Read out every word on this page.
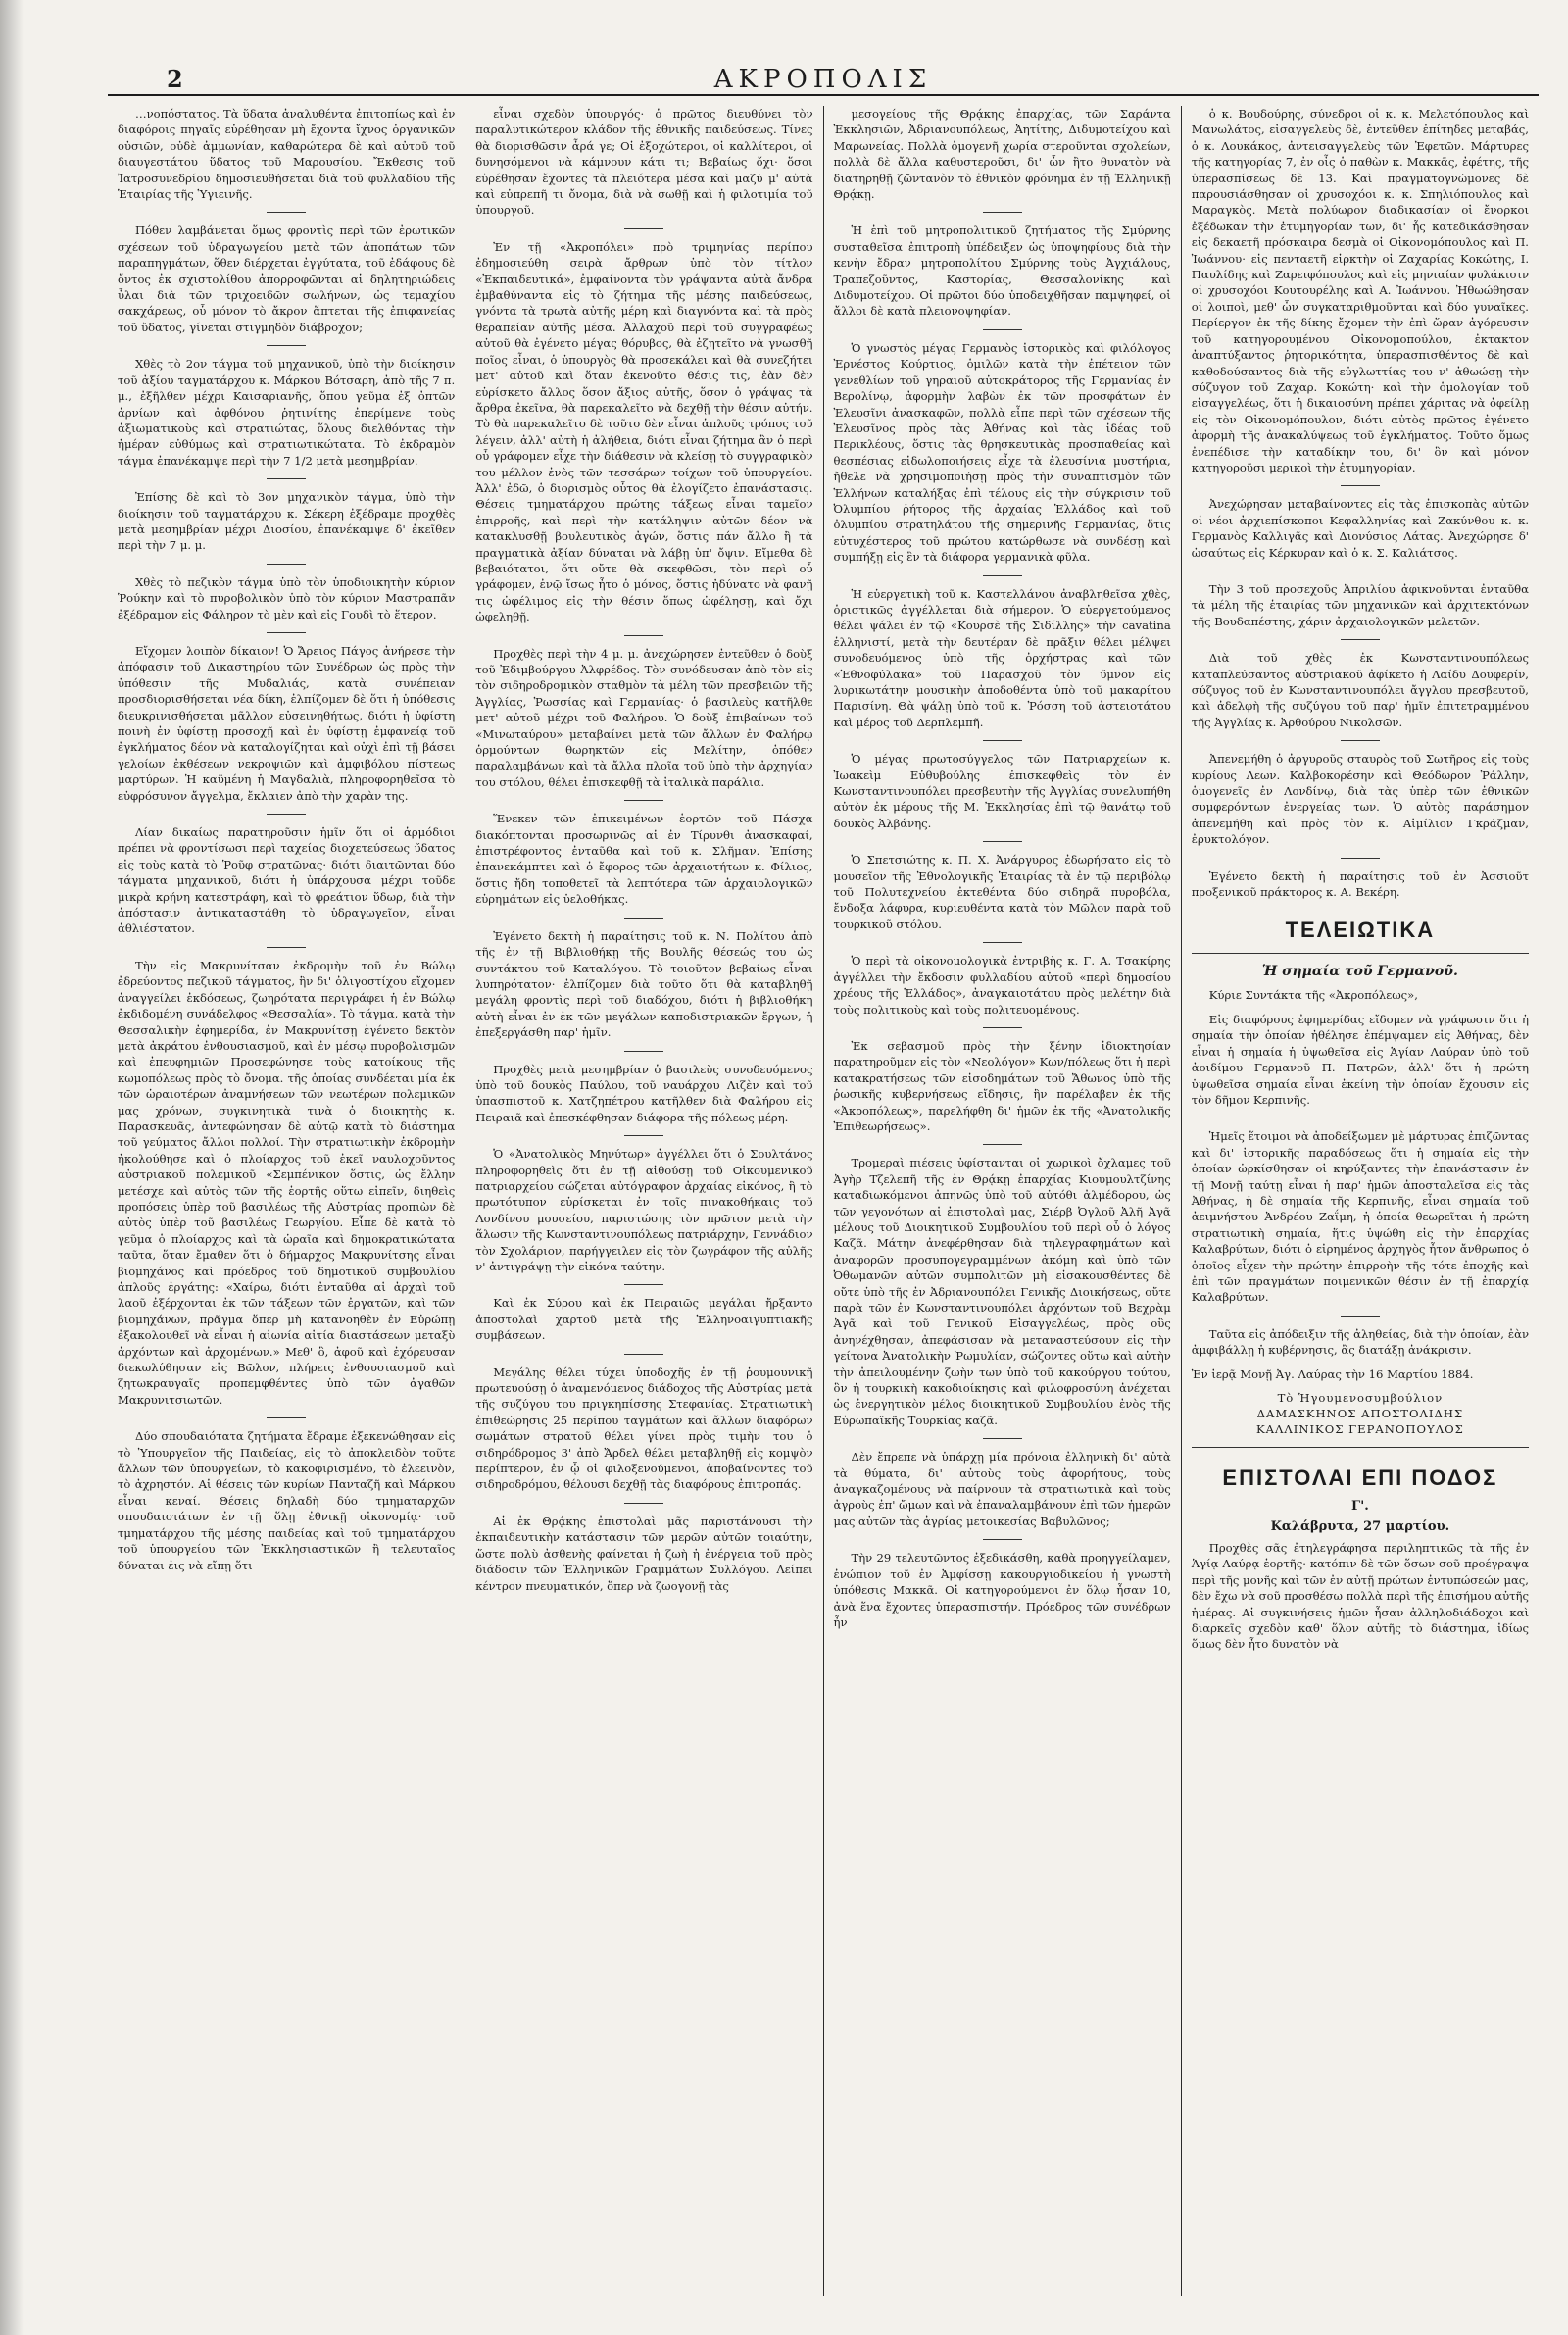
2	ΑΚΡΟΠΟΛΙΣ

…νοπόστατος. Τὰ ὕδατα ἀναλυθέντα ἐπιτοπίως καὶ ἐν διαφόροις πηγαῖς εὑρέθησαν μὴ ἔχοντα ἴχνος ὀργανικῶν οὐσιῶν, οὐδὲ ἀμμωνίαν, καθαρώτερα δὲ καὶ αὐτοῦ τοῦ διαυγεστάτου ὕδατος τοῦ Μαρουσίου. Ἔκθεσις τοῦ Ἰατροσυνεδρίου δημοσιευθήσεται διὰ τοῦ φυλλαδίου τῆς Ἑταιρίας τῆς Ὑγιεινῆς.

Πόθεν λαμβάνεται ὅμως φροντὶς περὶ τῶν ἐρωτικῶν σχέσεων τοῦ ὑδραγωγείου μετὰ τῶν ἀποπάτων τῶν παραπηγμάτων, ὅθεν διέρχεται ἐγγύτατα, τοῦ ἐδάφους δὲ ὄντος ἐκ σχιστολίθου ἀπορροφῶνται αἱ δηλητηριώδεις ὗλαι διὰ τῶν τριχοειδῶν σωλήνων, ὡς τεμαχίου σακχάρεως, οὗ μόνον τὸ ἄκρον ἅπτεται τῆς ἐπιφανείας τοῦ ὕδατος, γίνεται στιγμηδὸν διάβροχον;

Χθὲς τὸ 2ον τάγμα τοῦ μηχανικοῦ, ὑπὸ τὴν διοίκησιν τοῦ ἀξίου ταγματάρχου κ. Μάρκου Βότσαρη, ἀπὸ τῆς 7 π. μ., ἐξῆλθεν μέχρι Καισαριανῆς, ὅπου γεῦμα ἐξ ὀπτῶν ἀρνίων καὶ ἀφθόνου ῥητινίτης ἐπερίμενε τοὺς ἀξιωματικοὺς καὶ στρατιώτας, ὅλους διελθόντας τὴν ἡμέραν εὐθύμως καὶ στρατιωτικώτατα. Τὸ ἐκδραμὸν τάγμα ἐπανέκαμψε περὶ τὴν 7 1/2 μετὰ μεσημβρίαν.

Ἐπίσης δὲ καὶ τὸ 3ον μηχανικὸν τάγμα, ὑπὸ τὴν διοίκησιν τοῦ ταγματάρχου κ. Σέκερη ἐξέδραμε προχθὲς μετὰ μεσημβρίαν μέχρι Διοσίου, ἐπανέκαμψε δ' ἐκεῖθεν περὶ τὴν 7 μ. μ.

Χθὲς τὸ πεζικὸν τάγμα ὑπὸ τὸν ὑποδιοικητὴν κύριον Ῥούκην καὶ τὸ πυροβολικὸν ὑπὸ τὸν κύριον Μαστραπᾶν ἐξέδραμον εἰς Φάληρον τὸ μὲν καὶ εἰς Γουδὶ τὸ ἕτερον.

Εἴχομεν λοιπὸν δίκαιον! Ὁ Ἄρειος Πάγος ἀνήρεσε τὴν ἀπόφασιν τοῦ Δικαστηρίου τῶν Συνέδρων ὡς πρὸς τὴν ὑπόθεσιν τῆς Μυδαλιάς, κατὰ συνέπειαν προσδιορισθήσεται νέα δίκη, ἐλπίζομεν δὲ ὅτι ἡ ὑπόθεσις διευκρινισθήσεται μᾶλλον εὐσεινηθήτως, διότι ἡ ὑφίστη ποινὴ ἐν ὑφίστῃ προσοχῇ καὶ ἐν ὑφίστῃ ἐμφανείᾳ τοῦ ἐγκλήματος δέον νὰ καταλογίζηται καὶ οὐχὶ ἐπὶ τῇ βάσει γελοίων ἐκθέσεων νεκροψιῶν καὶ ἀμφιβόλου πίστεως μαρτύρων. Ἡ καϋμένη ἡ Μαγδαλιὰ, πληροφορηθεῖσα τὸ εὐφρόσυνον ἄγγελμα, ἔκλαιεν ἀπὸ τὴν χαρὰν της.

Λίαν δικαίως παρατηροῦσιν ἡμῖν ὅτι οἱ ἁρμόδιοι πρέπει νὰ φροντίσωσι περὶ ταχείας διοχετεύσεως ὕδατος εἰς τοὺς κατὰ τὸ Ῥοῦφ στρατῶνας· διότι διαιτῶνται δύο τάγματα μηχανικοῦ, διότι ἡ ὑπάρχουσα μέχρι τοῦδε μικρὰ κρήνη κατεστράφη, καὶ τὸ φρεάτιον ὕδωρ, διὰ τὴν ἀπόστασιν ἀντικαταστάθη τὸ ὑδραγωγεῖον, εἶναι ἀθλιέστατον.

Τὴν εἰς Μακρυνίτσαν ἐκδρομὴν τοῦ ἐν Βώλῳ ἐδρεύοντος πεζικοῦ τάγματος, ἣν δι' ὀλιγοστίχου εἴχομεν ἀναγγείλει ἐκδόσεως, ζωηρότατα περιγράφει ἡ ἐν Βώλῳ ἐκδιδομένη συνάδελφος «Θεσσαλία». Τὸ τάγμα, κατὰ τὴν Θεσσαλικὴν ἐφημερίδα, ἐν Μακρυνίτσῃ ἐγένετο δεκτὸν μετὰ ἀκράτου ἐνθουσιασμοῦ, καὶ ἐν μέσῳ πυροβολισμῶν καὶ ἐπευφημιῶν Προσεφώνησε τοὺς κατοίκους τῆς κωμοπόλεως πρὸς τὸ ὄνομα. τῆς ὁποίας συνδέεται μία ἐκ τῶν ὡραιοτέρων ἀναμνήσεων τῶν νεωτέρων πολεμικῶν μας χρόνων, συγκινητικὰ τινὰ ὁ διοικητὴς κ. Παρασκευᾶς, ἀντεφώνησαν δὲ αὐτῷ κατὰ τὸ διάστημα τοῦ γεύματος ἄλλοι πολλοί. Τὴν στρατιωτικὴν ἐκδρομὴν ἠκολούθησε καὶ ὁ πλοίαρχος τοῦ ἐκεῖ ναυλοχοῦντος αὐστριακοῦ πολεμικοῦ «Σεμπένικον ὅστις, ὡς ἔλλην μετέσχε καὶ αὐτὸς τῶν τῆς ἑορτῆς οὕτω εἰπεῖν, διηθεὶς προπόσεις ὑπὲρ τοῦ βασιλέως τῆς Αὐστρίας προπιὼν δὲ αὐτὸς ὑπὲρ τοῦ βασιλέως Γεωργίου. Εἶπε δὲ κατὰ τὸ γεῦμα ὁ πλοίαρχος καὶ τὰ ὡραῖα καὶ δημοκρατικώτατα ταῦτα, ὅταν ἔμαθεν ὅτι ὁ δήμαρχος Μακρυνίτσης εἶναι βιομηχάνος καὶ πρόεδρος τοῦ δημοτικοῦ συμβουλίου ἁπλοῦς ἐργάτης: «Χαίρω, διότι ἐνταῦθα αἱ ἀρχαὶ τοῦ λαοῦ ἐξέρχονται ἐκ τῶν τάξεων τῶν ἐργατῶν, καὶ τῶν βιομηχάνων, πρᾶγμα ὅπερ μὴ κατανοηθὲν ἐν Εὐρώπῃ ἐξακολουθεῖ νὰ εἶναι ἡ αἰωνία αἰτία διαστάσεων μεταξὺ ἀρχόντων καὶ ἀρχομένων.» Μεθ' ὃ, ἀφοῦ καὶ ἐχόρευσαν διεκωλύθησαν εἰς Βῶλον, πλήρεις ἐνθουσιασμοῦ καὶ ζητωκραυγαῖς προπεμφθέντες ὑπὸ τῶν ἀγαθῶν Μακρυνιτσιωτῶν.

Δύο σπουδαιότατα ζητήματα ἔδραμε ἐξεκενώθησαν εἰς τὸ Ὑπουργεῖον τῆς Παιδείας, εἰς τὸ ἀποκλειδὸν τοῦτε ἄλλων τῶν ὑπουργείων, τὸ κακοφιρισμένο, τὸ ἐλεεινὸν, τὸ ἀχρηστόν. Αἱ θέσεις τῶν κυρίων Πανταζῆ καὶ Μάρκου εἶναι κεναί. Θέσεις δηλαδὴ δύο τμηματαρχῶν σπουδαιοτάτων ἐν τῇ ὅλῃ ἐθνικῇ οἰκονομίᾳ· τοῦ τμηματάρχου τῆς μέσης παιδείας καὶ τοῦ τμηματάρχου τοῦ ὑπουργείου τῶν Ἐκκλησιαστικῶν ἢ τελευταῖος δύναται ἐις νὰ εἴπῃ ὅτι

εἶναι σχεδὸν ὑπουργός· ὁ πρῶτος διευθύνει τὸν παραλυτικώτερον κλάδον τῆς ἐθνικῆς παιδεύσεως. Τίνες θὰ διορισθῶσιν ἆρά γε; Οἱ ἐξοχώτεροι, οἱ καλλίτεροι, οἱ δυνησόμενοι νὰ κάμνουν κάτι τι; Βεβαίως ὄχι· ὅσοι εὐρέθησαν ἔχοντες τὰ πλειότερα μέσα καὶ μαζὺ μ' αὐτὰ καὶ εὐπρεπῆ τι ὄνομα, διὰ νὰ σωθῇ καὶ ἡ φιλοτιμία τοῦ ὑπουργοῦ.

Ἐν τῇ «Ἀκροπόλει» πρὸ τριμηνίας περίπου ἐδημοσιεύθη σειρὰ ἄρθρων ὑπὸ τὸν τίτλον «Ἐκπαιδευτικά», ἐμφαίνοντα τὸν γράψαντα αὐτὰ ἄνδρα ἐμβαθύναντα εἰς τὸ ζήτημα τῆς μέσης παιδεύσεως, γνόντα τὰ τρωτὰ αὐτῆς μέρη καὶ διαγνόντα καὶ τὰ πρὸς θεραπείαν αὐτῆς μέσα. Ἀλλαχοῦ περὶ τοῦ συγγραφέως αὐτοῦ θὰ ἐγένετο μέγας θόρυβος, θὰ ἐζητεῖτο νὰ γνωσθῇ ποῖος εἶναι, ὁ ὑπουργὸς θὰ προσεκάλει καὶ θὰ συνεζήτει μετ' αὐτοῦ καὶ ὅταν ἐκενοῦτο θέσις τις, ἐὰν δὲν εὑρίσκετο ἄλλος ὅσον ἄξιος αὐτῆς, ὅσον ὁ γράψας τὰ ἄρθρα ἐκεῖνα, θὰ παρεκαλεῖτο νὰ δεχθῇ τὴν θέσιν αὐτήν. Τὸ θὰ παρεκαλεῖτο δὲ τοῦτο δὲν εἶναι ἁπλοῦς τρόπος τοῦ λέγειν, ἀλλ' αὐτὴ ἡ ἀλήθεια, διότι εἶναι ζήτημα ἂν ὁ περὶ οὗ γράφομεν εἶχε τὴν διάθεσιν νὰ κλείσῃ τὸ συγγραφικὸν του μέλλον ἐνὸς τῶν τεσσάρων τοίχων τοῦ ὑπουργείου. Ἀλλ' ἐδῶ, ὁ διορισμὸς οὗτος θὰ ἐλογίζετο ἐπανάστασις. Θέσεις τμηματάρχου πρώτης τάξεως εἶναι ταμεῖον ἐπιρροῆς, καὶ περὶ τὴν κατάληψιν αὐτῶν δέον νὰ κατακλυσθῇ βουλευτικὸς ἀγών, ὅστις πάν ἄλλο ἢ τὰ πραγματικὰ ἀξίαν δύναται νὰ λάβῃ ὑπ' ὄψιν. Εἴμεθα δὲ βεβαιότατοι, ὅτι οὔτε θὰ σκεφθῶσι, τὸν περὶ οὗ γράφομεν, ἐνῷ ἴσως ἦτο ὁ μόνος, ὅστις ἠδύνατο νὰ φανῇ τις ὠφέλιμος εἰς τὴν θέσιν ὅπως ὠφέλησῃ, καὶ ὄχι ὠφεληθῇ.

Προχθὲς περὶ τὴν 4 μ. μ. ἀνεχώρησεν ἐντεῦθεν ὁ δοὺξ τοῦ Ἐδιμβούργου Ἀλφρέδος. Τὸν συνόδευσαν ἀπὸ τὸν εἰς τὸν σιδηροδρομικὸν σταθμὸν τὰ μέλη τῶν πρεσβειῶν τῆς Ἀγγλίας, Ῥωσσίας καὶ Γερμανίας· ὁ βασιλεὺς κατῆλθε μετ' αὐτοῦ μέχρι τοῦ Φαλήρου. Ὁ δοὺξ ἐπιβαίνων τοῦ «Μινωταύρου» μεταβαίνει μετὰ τῶν ἄλλων ἐν Φαλήρῳ ὁρμούντων θωρηκτῶν εἰς Μελίτην, ὁπόθεν παραλαμβάνων καὶ τὰ ἄλλα πλοῖα τοῦ ὑπὸ τὴν ἀρχηγίαν του στόλου, θέλει ἐπισκεφθῇ τὰ ἰταλικὰ παράλια.

Ἕνεκεν τῶν ἐπικειμένων ἑορτῶν τοῦ Πάσχα διακόπτονται προσωρινῶς αἱ ἐν Τίρυνθι ἀνασκαφαί, ἐπιστρέφοντος ἐνταῦθα καὶ τοῦ κ. Σλῆμαν. Ἐπίσης ἐπανεκάμπτει καὶ ὁ ἔφορος τῶν ἀρχαιοτήτων κ. Φίλιος, ὅστις ἤδη τοποθετεῖ τὰ λεπτότερα τῶν ἀρχαιολογικῶν εὑρημάτων εἰς ὑελοθήκας.

Ἐγένετο δεκτὴ ἡ παραίτησις τοῦ κ. Ν. Πολίτου ἀπὸ τῆς ἐν τῇ Βιβλιοθήκῃ τῆς Βουλῆς θέσεώς του ὡς συντάκτου τοῦ Καταλόγου. Τὸ τοιοῦτον βεβαίως εἶναι λυπηρότατον· ἐλπίζομεν διὰ τοῦτο ὅτι θὰ καταβληθῇ μεγάλη φροντὶς περὶ τοῦ διαδόχου, διότι ἡ βιβλιοθήκη αὐτὴ εἶναι ἐν ἐκ τῶν μεγάλων καποδιστριακῶν ἔργων, ἡ ἐπεξεργάσθη παρ' ἡμῖν.

Προχθὲς μετὰ μεσημβρίαν ὁ βασιλεὺς συνοδευόμενος ὑπὸ τοῦ δουκὸς Παύλου, τοῦ ναυάρχου Λιζὲν καὶ τοῦ ὑπασπιστοῦ κ. Χατζηπέτρου κατῆλθεν διὰ Φαλήρου εἰς Πειραιᾶ καὶ ἐπεσκέφθησαν διάφορα τῆς πόλεως μέρη.

Ὁ «Ἀνατολικὸς Μηνύτωρ» ἀγγέλλει ὅτι ὁ Σουλτάνος πληροφορηθεὶς ὅτι ἐν τῇ αἰθούσῃ τοῦ Οἰκουμενικοῦ πατριαρχείου σώζεται αὐτόγραφον ἀρχαίας εἰκόνος, ἣ τὸ πρωτότυπον εὑρίσκεται ἐν τοῖς πινακοθήκαις τοῦ Λονδίνου μουσείου, παριστώσης τὸν πρῶτον μετὰ τὴν ἅλωσιν τῆς Κωνσταντινουπόλεως πατριάρχην, Γεννάδιον τὸν Σχολάριον, παρήγγειλεν εἰς τὸν ζωγράφον τῆς αὐλῆς ν' ἀντιγράψῃ τὴν εἰκόνα ταύτην.

Καὶ ἐκ Σύρου καὶ ἐκ Πειραιῶς μεγάλαι ἤρξαντο ἀποστολαὶ χαρτοῦ μετὰ τῆς Ἑλληνοαιγυπτιακῆς συμβάσεων.

Μεγάλης θέλει τύχει ὑποδοχῆς ἐν τῇ ῥουμουνικῇ πρωτευούσῃ ὁ ἀναμενόμενος διάδοχος τῆς Αὐστρίας μετὰ τῆς συζύγου του πριγκηπίσσης Στεφανίας. Στρατιωτικὴ ἐπιθεώρησις 25 περίπου ταγμάτων καὶ ἄλλων διαφόρων σωμάτων στρατοῦ θέλει γίνει πρὸς τιμὴν του ὁ σιδηρόδρομος 3' ἀπὸ Ἄρδελ θέλει μεταβληθῇ εἰς κομψὸν περίπτερον, ἐν ᾧ οἱ φιλοξενούμενοι, ἀποβαίνοντες τοῦ σιδηροδρόμου, θέλουσι δεχθῇ τὰς διαφόρους ἐπιτροπάς.

Αἱ ἐκ Θρᾴκης ἐπιστολαὶ μᾶς παριστάνουσι τὴν ἐκπαιδευτικὴν κατάστασιν τῶν μερῶν αὐτῶν τοιαύτην, ὥστε πολὺ ἀσθενὴς φαίνεται ἡ ζωὴ ἡ ἐνέργεια τοῦ πρὸς διάδοσιν τῶν Ἑλληνικῶν Γραμμάτων Συλλόγου. Λείπει κέντρον πνευματικόν, ὅπερ νὰ ζωογονῇ τὰς

μεσογείους τῆς Θρᾴκης ἐπαρχίας, τῶν Σαράντα Ἐκκλησιῶν, Ἀδριανουπόλεως, Ἀητίτης, Διδυμοτείχου καὶ Μαρωνείας. Πολλὰ ὁμογενῆ χωρία στεροῦνται σχολείων, πολλὰ δὲ ἄλλα καθυστεροῦσι, δι' ὧν ἢτο θυνατὸν νὰ διατηρηθῇ ζῶντανὸν τὸ ἐθνικὸν φρόνημα ἐν τῇ Ἑλληνικῇ Θρᾴκῃ.

Ἡ ἐπὶ τοῦ μητροπολιτικοῦ ζητήματος τῆς Σμύρνης συσταθεῖσα ἐπιτροπὴ ὑπέδειξεν ὡς ὑποψηφίους διὰ τὴν κενὴν ἔδραν μητροπολίτου Σμύρνης τοὺς Ἀγχιάλους, Τραπεζοῦντος, Καστορίας, Θεσσαλονίκης καὶ Διδυμοτείχου. Οἱ πρῶτοι δύο ὑποδειχθῆσαν παμψηφεί, οἱ ἄλλοι δὲ κατὰ πλειονοψηφίαν.

Ὁ γνωστὸς μέγας Γερμανὸς ἱστορικὸς καὶ φιλόλογος Ἐρνέστος Κούρτιος, ὁμιλῶν κατὰ τὴν ἐπέτειον τῶν γενεθλίων τοῦ γηραιοῦ αὐτοκράτορος τῆς Γερμανίας ἐν Βερολίνῳ, ἀφορμὴν λαβὼν ἐκ τῶν προσφάτων ἐν Ἐλευσῖνι ἀνασκαφῶν, πολλὰ εἶπε περὶ τῶν σχέσεων τῆς Ἐλευσῖνος πρὸς τὰς Ἀθήνας καὶ τὰς ἰδέας τοῦ Περικλέους, ὅστις τὰς θρησκευτικὰς προσπαθείας καὶ θεσπέσιας εἰδωλοποιήσεις εἶχε τὰ ἐλευσίνια μυστήρια, ἤθελε νὰ χρησιμοποιήσῃ πρὸς τὴν συναπτισμὸν τῶν Ἑλλήνων καταλήξας ἐπὶ τέλους εἰς τὴν σύγκρισιν τοῦ Ὀλυμπίου ῥήτορος τῆς ἀρχαίας Ἑλλάδος καὶ τοῦ ὀλυμπίου στρατηλάτου τῆς σημερινῆς Γερμανίας, ὅτις εὐτυχέστερος τοῦ πρώτου κατώρθωσε νὰ συνδέσῃ καὶ συμπήξῃ εἰς ἓν τὰ διάφορα γερμανικὰ φῦλα.

Ἡ εὐεργετικὴ τοῦ κ. Καστελλάνου ἀναβληθεῖσα χθὲς, ὁριστικῶς ἀγγέλλεται διὰ σήμερον. Ὁ εὐεργετούμενος θέλει ψάλει ἐν τῷ «Κουρσὲ τῆς Σιδίλλης» τὴν cavatina ἑλληνιστί, μετὰ τὴν δευτέραν δὲ πρᾶξιν θέλει μέλψει συνοδευόμενος ὑπὸ τῆς ὀρχήστρας καὶ τῶν «Ἐθνοφύλακα» τοῦ Παρασχοῦ τὸν ὕμνον εἰς λυρικωτάτην μουσικὴν ἀποδοθέντα ὑπὸ τοῦ μακαρίτου Παρισίνη. Θὰ ψάλῃ ὑπὸ τοῦ κ. Ῥόσση τοῦ ἀστειοτάτου καὶ μέρος τοῦ Δερπλεμπῆ.

Ὁ μέγας πρωτοσύγγελος τῶν Πατριαρχείων κ. Ἰωακεὶμ Εὐθυβούλης ἐπισκεφθεὶς τὸν ἐν Κωνσταντινουπόλει πρεσβευτὴν τῆς Ἀγγλίας συνελυπήθη αὐτὸν ἐκ μέρους τῆς Μ. Ἐκκλησίας ἐπὶ τῷ θανάτῳ τοῦ δουκὸς Ἀλβάνης.

Ὁ Σπετσιώτης κ. Π. Χ. Ἀνάργυρος ἐδωρήσατο εἰς τὸ μουσεῖον τῆς Ἐθνολογικῆς Ἑταιρίας τὰ ἐν τῷ περιβόλῳ τοῦ Πολυτεχνείου ἐκτεθέντα δύο σιδηρᾶ πυροβόλα, ἔνδοξα λάφυρα, κυριευθέντα κατὰ τὸν Μῶλον παρὰ τοῦ τουρκικοῦ στόλου.

Ὁ περὶ τὰ οἰκονομολογικὰ ἐντριβὴς κ. Γ. Α. Τσακίρης ἀγγέλλει τὴν ἔκδοσιν φυλλαδίου αὐτοῦ «περὶ δημοσίου χρέους τῆς Ἑλλάδος», ἀναγκαιοτάτου πρὸς μελέτην διὰ τοὺς πολιτικοὺς καὶ τοὺς πολιτευομένους.

Ἐκ σεβασμοῦ πρὸς τὴν ξένην ἰδιοκτησίαν παρατηροῦμεν εἰς τὸν «Νεολόγον» Κων/πόλεως ὅτι ἡ περὶ κατακρατήσεως τῶν εἰσοδημάτων τοῦ Ἄθωνος ὑπὸ τῆς ῥωσικῆς κυβερνήσεως εἴδησις, ἣν παρέλαβεν ἐκ τῆς «Ἀκροπόλεως», παρελήφθη δι' ἡμῶν ἐκ τῆς «Ἀνατολικῆς Ἐπιθεωρήσεως».

Τρομεραὶ πιέσεις ὑφίστανται οἱ χωρικοὶ ὄχλαμες τοῦ Ἀγὴρ Τζελεπῆ τῆς ἐν Θρᾴκῃ ἐπαρχίας Κιουμουλτζίνης καταδιωκόμενοι ἀπηνῶς ὑπὸ τοῦ αὐτόθι ἀλμέδορου, ὡς τῶν γεγονότων αἱ ἐπιστολαὶ μας, Σιέρβ Ὀγλοῦ Ἀλῆ Ἀγᾶ μέλους τοῦ Διοικητικοῦ Συμβουλίου τοῦ περὶ οὗ ὁ λόγος Καζᾶ. Μάτην ἀνεφέρθησαν διὰ τηλεγραφημάτων καὶ ἀναφορῶν προσυπογεγραμμένων ἀκόμη καὶ ὑπὸ τῶν Ὀθωμανῶν αὐτῶν συμπολιτῶν μὴ εἰσακουσθέντες δὲ οὔτε ὑπὸ τῆς ἐν Ἀδριανουπόλει Γενικῆς Διοικήσεως, οὔτε παρὰ τῶν ἐν Κωνσταντινουπόλει ἀρχόντων τοῦ Βεχρὰμ Ἀγᾶ καὶ τοῦ Γενικοῦ Εἰσαγγελέως, πρὸς οὓς ἀνηνέχθησαν, ἀπεφάσισαν νὰ μεταναστεύσουν εἰς τὴν γείτονα Ἀνατολικὴν Ῥωμυλίαν, σώζοντες οὕτω καὶ αὐτὴν τὴν ἀπειλουμένην ζωὴν των ὑπὸ τοῦ κακούργου τούτου, ὃν ἡ τουρκικὴ κακοδιοίκησις καὶ φιλοφροσύνη ἀνέχεται ὡς ἐνεργητικὸν μέλος διοικητικοῦ Συμβουλίου ἐνὸς τῆς Εὐρωπαϊκῆς Τουρκίας καζᾶ.

Δὲν ἔπρεπε νὰ ὑπάρχῃ μία πρόνοια ἐλληνικὴ δι' αὐτὰ τὰ θύματα, δι' αὐτοὺς τοὺς ἀφορήτους, τοὺς ἀναγκαζομένους νὰ παίρνουν τὰ στρατιωτικὰ καὶ τοὺς ἀγροὺς ἐπ' ὤμων καὶ νὰ ἐπαναλαμβάνουν ἐπὶ τῶν ἡμερῶν μας αὐτῶν τὰς ἀγρίας μετοικεσίας Βαβυλῶνος;

Τὴν 29 τελευτῶντος ἐξεδικάσθη, καθὰ προηγγείλαμεν, ἐνώπιον τοῦ ἐν Ἀμφίσσῃ κακουργιοδικείου ἡ γνωστὴ ὑπόθεσις Μακκᾶ. Οἱ κατηγορούμενοι ἐν ὅλῳ ἦσαν 10, ἀνὰ ἕνα ἔχοντες ὑπερασπιστήν. Πρόεδρος τῶν συνέδρων ἦν

ὁ κ. Βουδούρης, σύνεδροι οἱ κ. κ. Μελετόπουλος καὶ Μανωλάτος, εἰσαγγελεὺς δὲ, ἐντεῦθεν ἐπίτηδες μεταβάς, ὁ κ. Λουκάκος, ἀντεισαγγελεὺς τῶν Ἐφετῶν. Μάρτυρες τῆς κατηγορίας 7, ἐν οἷς ὁ παθὼν κ. Μακκᾶς, ἐφέτης, τῆς ὑπερασπίσεως δὲ 13. Καὶ πραγματογνώμονες δὲ παρουσιάσθησαν οἱ χρυσοχόοι κ. κ. Σπηλιόπουλος καὶ Μαραγκὸς. Μετὰ πολύωρον διαδικασίαν οἱ ἔνορκοι ἐξέδωκαν τὴν ἐτυμηγορίαν των, δι' ἧς κατεδικάσθησαν εἰς δεκαετῆ πρόσκαιρα δεσμὰ οἱ Οἰκονομόπουλος καὶ Π. Ἰωάννου· εἰς πενταετῆ εἱρκτὴν οἱ Ζαχαρίας Κοκώτης, Ι. Παυλίδης καὶ Ζαρειφόπουλος καὶ εἰς μηνιαίαν φυλάκισιν οἱ χρυσοχόοι Κουτουρέλης καὶ Α. Ἰωάννου. Ἠθωώθησαν οἱ λοιποὶ, μεθ' ὧν συγκαταριθμοῦνται καὶ δύο γυναῖκες. Περίεργον ἐκ τῆς δίκης ἔχομεν τὴν ἐπὶ ὥραν ἀγόρευσιν τοῦ κατηγορουμένου Οἰκονομοπούλου, ἐκτακτον ἀναπτύξαντος ῥητορικότητα, ὑπερασπισθέντος δὲ καὶ καθοδούσαντος διὰ τῆς εὐγλωττίας του ν' ἀθωώσῃ τὴν σύζυγον τοῦ Ζαχαρ. Κοκώτη· καὶ τὴν ὁμολογίαν τοῦ εἰσαγγελέως, ὅτι ἡ δικαιοσύνη πρέπει χάριτας νὰ ὀφείλῃ εἰς τὸν Οἰκονομόπουλον, διότι αὐτὸς πρῶτος ἐγένετο ἀφορμὴ τῆς ἀνακαλύψεως τοῦ ἐγκλήματος. Τοῦτο ὅμως ἐνεπέδισε τὴν καταδίκην του, δι' ὃν καὶ μόνον κατηγοροῦσι μερικοὶ τὴν ἐτυμηγορίαν.

Ἀνεχώρησαν μεταβαίνοντες εἰς τὰς ἐπισκοπὰς αὐτῶν οἱ νέοι ἀρχιεπίσκοποι Κεφαλληνίας καὶ Ζακύνθου κ. κ. Γερμανὸς Καλλιγᾶς καὶ Διονύσιος Λάτας. Ἀνεχώρησε δ' ὡσαύτως εἰς Κέρκυραν καὶ ὁ κ. Σ. Καλιάτσος.

Τὴν 3 τοῦ προσεχοῦς Ἀπριλίου ἀφικνοῦνται ἐνταῦθα τὰ μέλη τῆς ἑταιρίας τῶν μηχανικῶν καὶ ἀρχιτεκτόνων τῆς Βουδαπέστης, χάριν ἀρχαιολογικῶν μελετῶν.

Διὰ τοῦ χθὲς ἐκ Κωνσταντινουπόλεως καταπλεύσαντος αὐστριακοῦ ἀφίκετο ἡ Λαίδυ Δουφερίν, σύζυγος τοῦ ἐν Κωνσταντινουπόλει ἄγγλου πρεσβευτοῦ, καὶ ἀδελφὴ τῆς συζύγου τοῦ παρ' ἡμῖν ἐπιτετραμμένου τῆς Ἀγγλίας κ. Ἀρθούρου Νικολσῶν.

Ἀπενεμήθη ὁ ἀργυροῦς σταυρὸς τοῦ Σωτῆρος εἰς τοὺς κυρίους Λεων. Καλβοκορέσην καὶ Θεόδωρον Ῥάλλην, ὁμογενεῖς ἐν Λονδίνῳ, διὰ τὰς ὑπὲρ τῶν ἐθνικῶν συμφερόντων ἐνεργείας των. Ὁ αὐτὸς παράσημον ἀπενεμήθη καὶ πρὸς τὸν κ. Αἰμίλιον Γκράζμαν, ἐρυκτολόγον.

Ἐγένετο δεκτὴ ἡ παραίτησις τοῦ ἐν Ἀσσιοῦτ προξενικοῦ πράκτορος κ. Α. Βεκέρη.

ΤΕΛΕΙΩΤΙΚΑ
Ἡ σημαία τοῦ Γερμανοῦ.

Κύριε Συντάκτα τῆς «Ἀκροπόλεως»,

Εἰς διαφόρους ἐφημερίδας εἴδομεν νὰ γράφωσιν ὅτι ἡ σημαία τὴν ὁποίαν ἠθέλησε ἐπέμψαμεν εἰς Ἀθήνας, δὲν εἶναι ἡ σημαία ἡ ὑψωθεῖσα εἰς Ἁγίαν Λαύραν ὑπὸ τοῦ ἀοιδίμου Γερμανοῦ Π. Πατρῶν, ἀλλ' ὅτι ἡ πρώτη ὑψωθεῖσα σημαία εἶναι ἐκείνη τὴν ὁποίαν ἔχουσιν εἰς τὸν δῆμον Κερπινῆς.

Ἡμεῖς ἕτοιμοι νὰ ἀποδείξωμεν μὲ μάρτυρας ἐπιζῶντας καὶ δι' ἱστορικῆς παραδόσεως ὅτι ἡ σημαία εἰς τὴν ὁποίαν ὡρκίσθησαν οἱ κηρύξαντες τὴν ἐπανάστασιν ἐν τῇ Μονῇ ταύτῃ εἶναι ἡ παρ' ἡμῶν ἀποσταλεῖσα εἰς τὰς Ἀθήνας, ἡ δὲ σημαία τῆς Κερπινῆς, εἶναι σημαία τοῦ ἀειμνήστου Ἀνδρέου Ζαΐμη, ἡ ὁποία θεωρεῖται ἡ πρώτη στρατιωτικὴ σημαία, ἥτις ὑψώθη εἰς τὴν ἐπαρχίας Καλαβρύτων, διότι ὁ εἰρημένος ἀρχηγὸς ἦτον ἄνθρωπος ὁ ὁποῖος εἶχεν τὴν πρώτην ἐπιρροὴν τῆς τότε ἐποχῆς καὶ ἐπὶ τῶν πραγμάτων ποιμενικῶν θέσιν ἐν τῇ ἐπαρχίᾳ Καλαβρύτων.

Ταῦτα εἰς ἀπόδειξιν τῆς ἀληθείας, διὰ τὴν ὁποίαν, ἐὰν ἀμφιβάλλῃ ἡ κυβέρνησις, ἂς διατάξῃ ἀνάκρισιν.

Ἐν ἱερᾷ Μονῇ Ἀγ. Λαύρας τὴν 16 Μαρτίου 1884.

Τὸ Ἡγουμενοσυμβούλιον
ΔΑΜΑΣΚΗΝΟΣ ΑΠΟΣΤΟΛΙΔΗΣ
ΚΑΛΛΙΝΙΚΟΣ ΓΕΡΑΝΟΠΟΥΛΟΣ
ΕΠΙΣΤΟΛΑΙ ΕΠΙ ΠΟΔΟΣ
Γ'.
Καλάβρυτα, 27 μαρτίου.

Προχθὲς σᾶς ἐτηλεγράφησα περιληπτικῶς τὰ τῆς ἐν Ἁγίᾳ Λαύρᾳ ἑορτῆς· κατόπιν δὲ τῶν ὅσων σοῦ προέγραψα περὶ τῆς μονῆς καὶ τῶν ἐν αὐτῇ πρώτων ἐντυπώσεών μας, δὲν ἔχω νὰ σοῦ προσθέσω πολλὰ περὶ τῆς ἐπισήμου αὐτῆς ἡμέρας. Αἱ συγκινήσεις ἡμῶν ἦσαν ἀλληλοδιάδοχοι καὶ διαρκεῖς σχεδὸν καθ' ὅλον αὐτῆς τὸ διάστημα, ἰδίως ὅμως δὲν ἦτο δυνατὸν νὰ
